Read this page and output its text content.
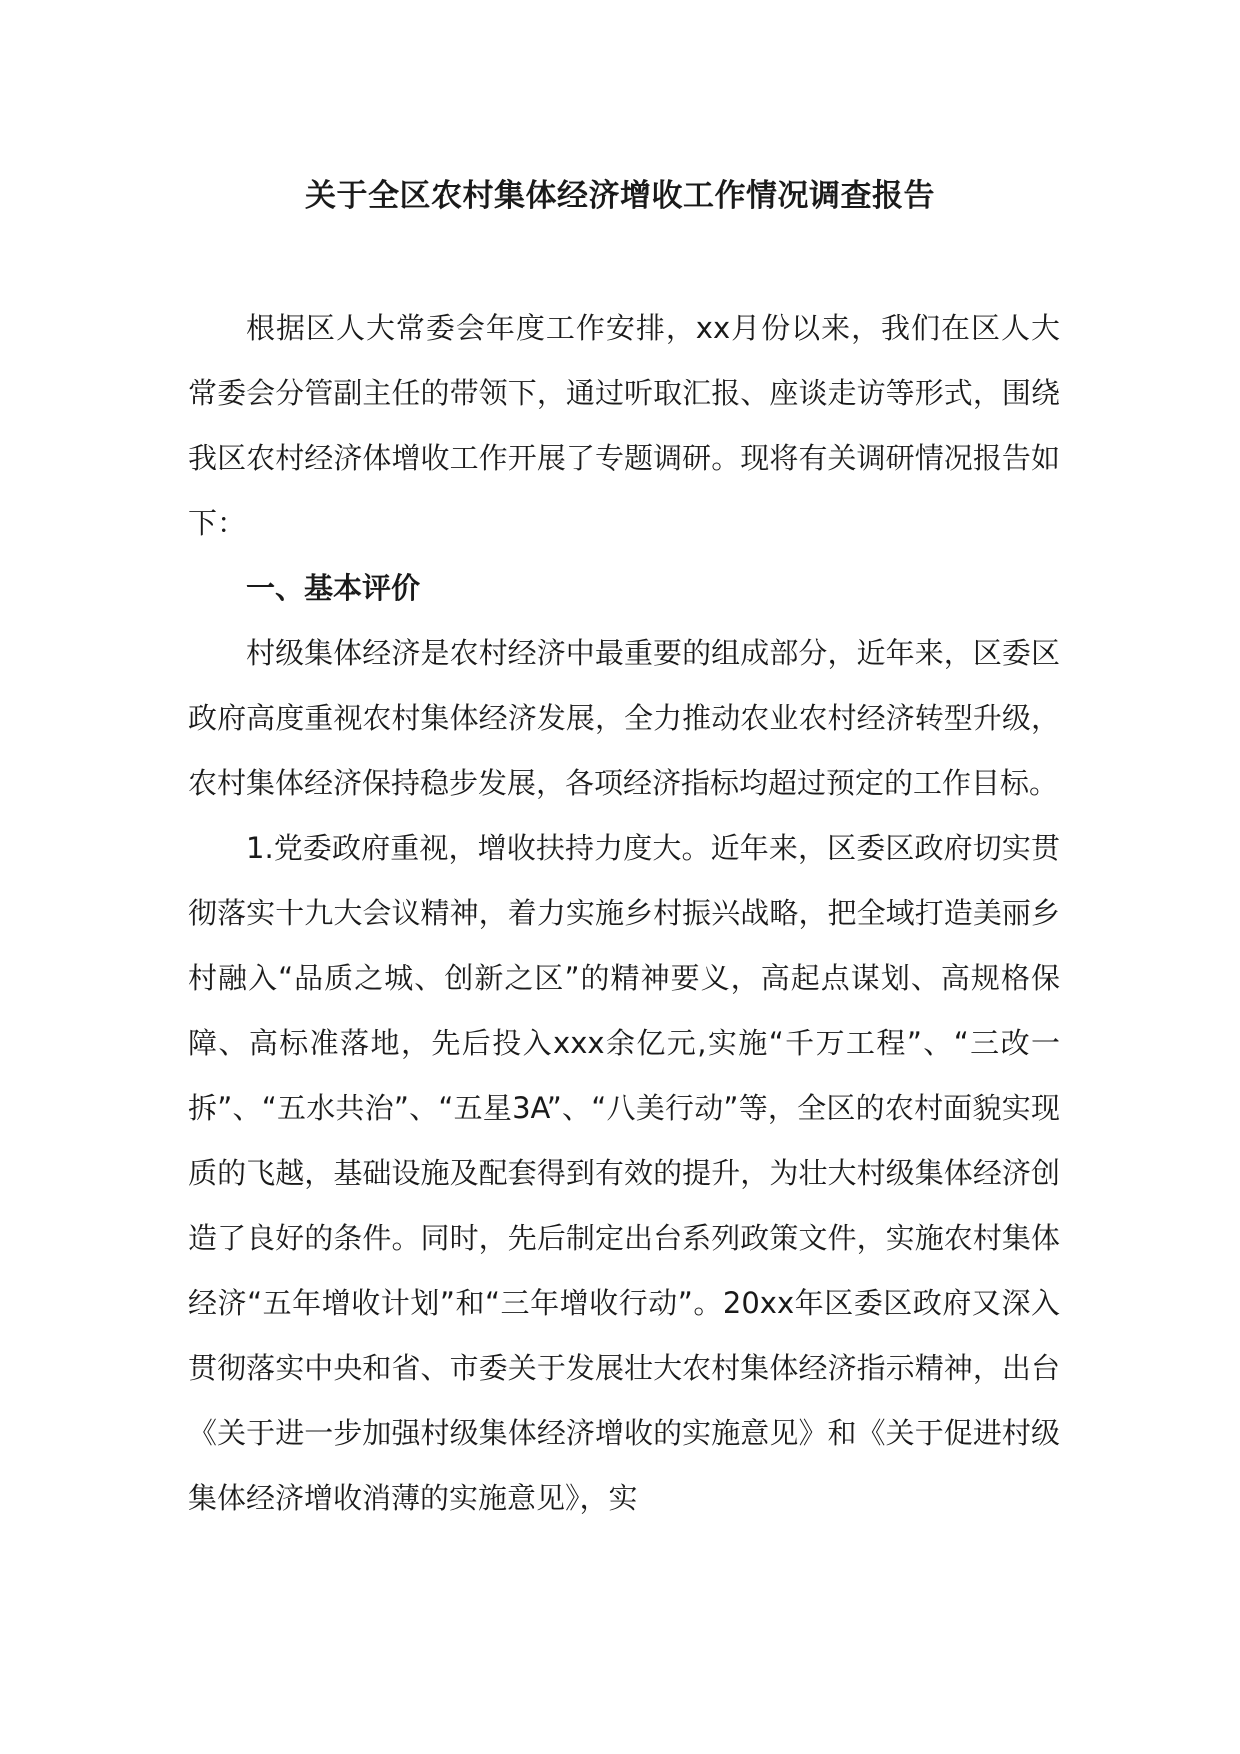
关于全区农村集体经济增收工作情况调查报告

根据区人大常委会年度工作安排，xx月份以来，我们在区人大常委会分管副主任的带领下，通过听取汇报、座谈走访等形式，围绕我区农村经济体增收工作开展了专题调研。现将有关调研情况报告如下：

一、基本评价

村级集体经济是农村经济中最重要的组成部分，近年来，区委区政府高度重视农村集体经济发展，全力推动农业农村经济转型升级，农村集体经济保持稳步发展，各项经济指标均超过预定的工作目标。

1.党委政府重视，增收扶持力度大。近年来，区委区政府切实贯彻落实十九大会议精神，着力实施乡村振兴战略，把全域打造美丽乡村融入“品质之城、创新之区”的精神要义，高起点谋划、高规格保障、高标准落地，先后投入xxx余亿元,实施“千万工程”、“三改一拆”、“五水共治”、“五星3A”、“八美行动”等，全区的农村面貌实现质的飞越，基础设施及配套得到有效的提升，为壮大村级集体经济创造了良好的条件。同时，先后制定出台系列政策文件，实施农村集体经济“五年增收计划”和“三年增收行动”。20xx年区委区政府又深入贯彻落实中央和省、市委关于发展壮大农村集体经济指示精神，出台《关于进一步加强村级集体经济增收的实施意见》和《关于促进村级集体经济增收消薄的实施意见》，实
